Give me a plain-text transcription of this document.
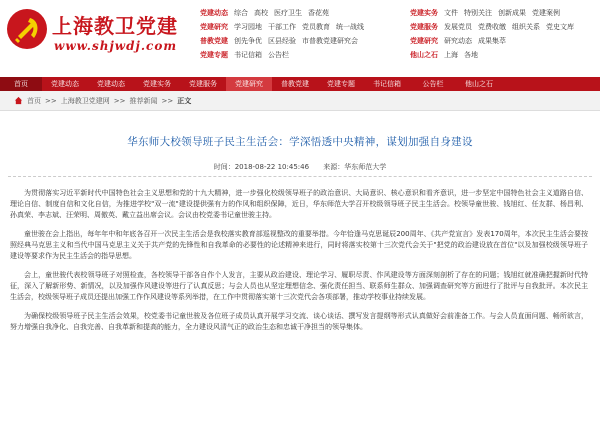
上海教卫党建
www.shjwdj.com
党建动态 综合 高校 医疗卫生 香花苑	党建实务 文件 特别关注 创新成果 党建案例
党建研究 学习园地 干部工作 党员教育 统一战线	党建服务 发展党员 党费收缴 组织关系 党史文库
普教党建 创先争优 区县经验 市普教党建研究会	党建研究 研究动态 成果集萃
党建专题 书记信箱 公告栏	他山之石 上海 各地
首页	党建动态	党建动态	党建实务	党建服务	党建研究	普教党建	党建专题	书记信箱	公告栏	他山之石
首页 >> 上海教卫党建网 >> 推荐新闻 >> 正文
华东师大校领导班子民主生活会：学深悟透中央精神，谋划加强自身建设
时间：2018-08-22 10:45:46 来源：华东师范大学

为贯彻落实习近平新时代中国特色社会主义思想和党的十九大精神，进一步强化校级领导班子的政治意识、大局意识、核心意识和看齐意识，进一步坚定中国特色社会主义道路自信、理论自信、制度自信和文化自信，为推进学校"双一流"建设提供强有力的作风和组织保障，近日，华东师范大学召开校级领导班子民主生活会。校领导童世骏、钱旭红、任友群、杨昌利、孙真荣、李志斌、汪荣明、周傲英、戴立益出席会议。会议由校党委书记童世骏主持。

童世骏在会上指出，每年年中和年底各召开一次民主生活会是我校落实教育部巡视整改的重要举措。今年恰逢马克思诞辰200周年、《共产党宣言》发表170周年，本次民主生活会要按照经典马克思主义和当代中国马克思主义关于共产党的先锋性和自我革命的必要性的论述精神来进行，同时将落实校第十三次党代会关于"把党的政治建设放在首位"以及加强校级领导班子建设等要求作为民主生活会的指导思想。

会上，童世骏代表校领导班子对照检查，各校领导干部各自作个人发言，主要从政治建设、理论学习、履职尽责、作风建设等方面深刻剖析了存在的问题；钱旭红就准确把握新时代特征，深入了解新形势、新情况，以及加强作风建设等进行了认真反思；与会人员也从坚定理想信念、强化责任担当、联系师生群众、加强调查研究等方面进行了批评与自我批评。本次民主生活会，校级领导班子成员还提出加强工作作风建设等系列举措，在工作中贯彻落实第十三次党代会各项部署，推动学校事业持续发展。

为确保校级领导班子民主生活会效果，校党委书记童世骏及各位班子成员认真开展学习交流、谈心谈话、撰写发言提纲等形式认真做好会前准备工作。与会人员直面问题、畅所欲言，努力增强自我净化、自我完善、自我革新和提高的能力，全力建设风清气正的政治生态和忠诚干净担当的领导集体。
